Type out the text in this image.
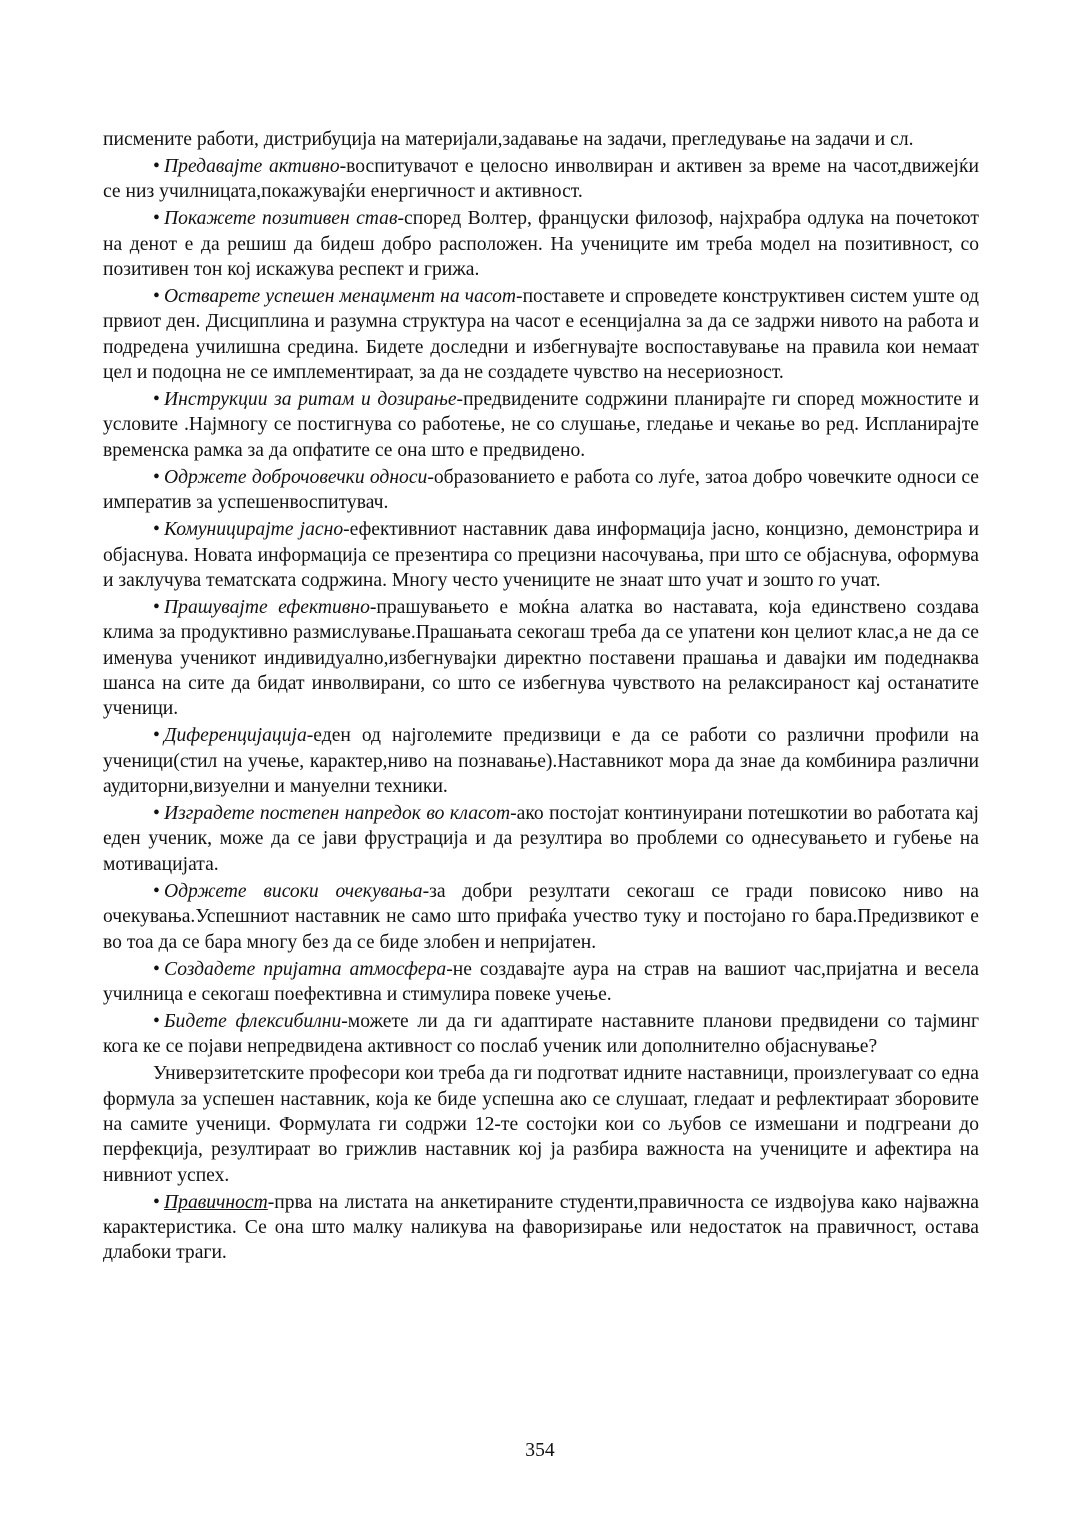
писмените работи, дистрибуција на материјали,задавање на задачи, прегледување на задачи и сл.

• Предавајте активно-воспитувачот е целосно инволвиран и активен за време на часот,движејќи се низ училницата,покажувајќи енергичност и активност.

• Покажете позитивен став-според Волтер, француски филозоф, најхрабра одлука на почетокот на денот е да решиш да бидеш добро расположен. На учениците им треба модел на позитивност, со позитивен тон кој искажува респект и грижа.

• Остварете успешен менаџмент на часот-поставете и спроведете конструктивен систем уште од првиот ден. Дисциплина и разумна структура на часот е есенцијална за да се задржи нивото на работа и подредена училишна средина. Бидете доследни и избегнувајте воспоставување на правила кои немаат цел и подоцна не се имплементираат, за да не создадете чувство на несериозност.

• Инструкции за ритам и дозирање-предвидените содржини планирајте ги според можностите и условите .Најмногу се постигнува со работење, не со слушање, гледање и чекање во ред. Испланирајте временска рамка за да опфатите се она што е предвидено.

• Одржете доброчовечки односи-образованието е работа со луѓе, затоа добро човечките односи се императив за успешенвоспитувач.

• Комуницирајте јасно-ефективниот наставник дава информација јасно, концизно, демонстрира и објаснува. Новата информација се презентира со прецизни насочувања, при што се објаснува, оформува и заклучува тематската содржина. Многу често учениците не знаат што учат и зошто го учат.

• Прашувајте ефективно-прашувањето е моќна алатка во наставата, која единствено создава клима за продуктивно размислување.Прашањата секогаш треба да се упатени кон целиот клас,а не да се именува ученикот индивидуално,избегнувајки директно поставени прашања и давајки им подеднаква шанса на сите да бидат инволвирани, со што се избегнува чувството на релаксираност кај останатите ученици.

• Диференцијација-еден од најголемите предизвици е да се работи со различни профили на ученици(стил на учење, карактер,ниво на познавање).Наставникот мора да знае да комбинира различни аудиторни,визуелни и мануелни техники.

• Изградете постепен напредок во класот-ако постојат континуирани потешкотии во работата кај еден ученик, може да се јави фрустрација и да резултира во проблеми со однесувањето и губење на мотивацијата.

• Одржете високи очекувања-за добри резултати секогаш се гради повисоко ниво на очекувања.Успешниот наставник не само што прифаќа учество туку и постојано го бара.Предизвикот е во тоа да се бара многу без да се биде злобен и непријатен.

• Создадете пријатна атмосфера-не создавајте аура на страв на вашиот час,пријатна и весела училница е секогаш поефективна и стимулира повеке учење.

• Бидете флексибилни-можете ли да ги адаптирате наставните планови предвидени со тајминг кога ке се појави непредвидена активност со послаб ученик или дополнително објаснување?

Универзитетските професори кои треба да ги подготват идните наставници, произлегуваат со една формула за успешен наставник, која ке биде успешна ако се слушаат, гледаат и рефлектираат зборовите на самите ученици. Формулата ги содржи 12-те состојки кои со љубов се измешани и подгреани до перфекција, резултираат во грижлив наставник кој ја разбира важноста на учениците и афектира на нивниот успех.

• Правичност-прва на листата на анкетираните студенти,правичноста се издвојува како најважна карактеристика. Се она што малку наликува на фаворизирање или недостаток на правичност, остава длабоки траги.

354
